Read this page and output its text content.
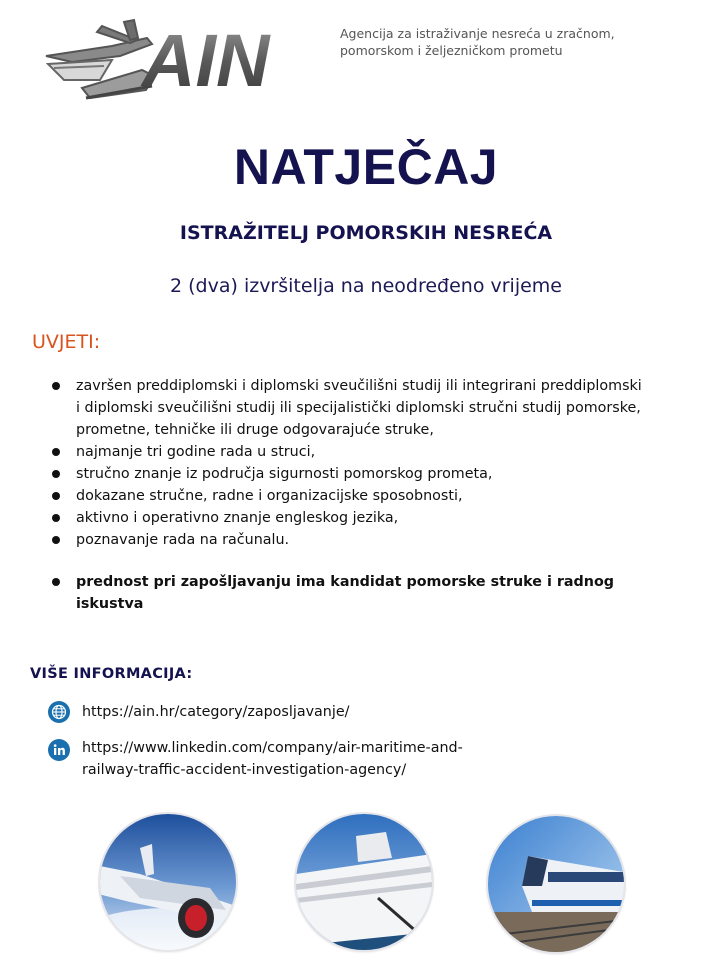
AIN	Agencija za istraživanje nesreća u zračnom,
pomorskom i željezničkom prometu
NATJEČAJ
ISTRAŽITELJ POMORSKIH NESREĆA
2 (dva) izvršitelja na neodređeno vrijeme
UVJETI:
završen preddiplomski i diplomski sveučilišni studij ili integrirani preddiplomski i diplomski sveučilišni studij ili specijalistički diplomski stručni studij pomorske, prometne, tehničke ili druge odgovarajuće struke,
najmanje tri godine rada u struci,
stručno znanje iz područja sigurnosti pomorskog prometa,
dokazane stručne, radne i organizacijske sposobnosti,
aktivno i operativno znanje engleskog jezika,
poznavanje rada na računalu.
prednost pri zapošljavanju ima kandidat pomorske struke i radnog iskustva
VIŠE INFORMACIJA:
https://ain.hr/category/zaposljavanje/
https://www.linkedin.com/company/air-maritime-and-
railway-traffic-accident-investigation-agency/
